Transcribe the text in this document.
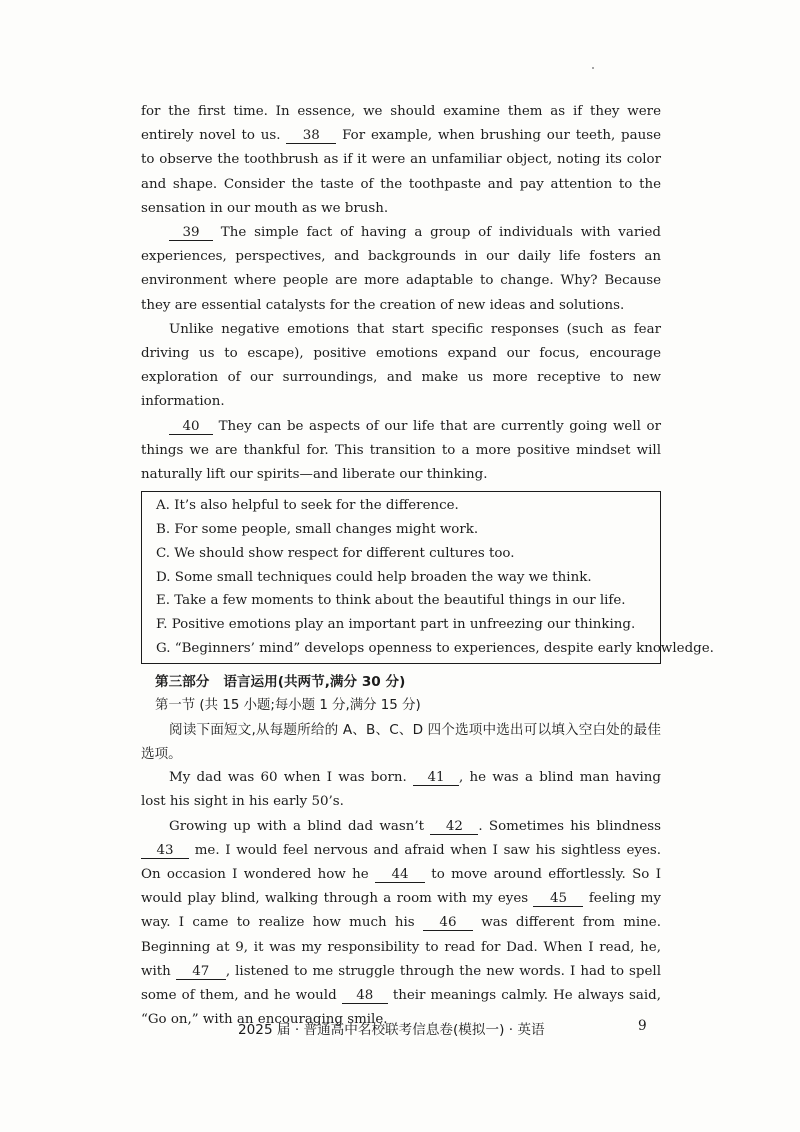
for the first time. In essence, we should examine them as if they were entirely novel to us. 38 For example, when brushing our teeth, pause to observe the toothbrush as if it were an unfamiliar object, noting its color and shape. Consider the taste of the toothpaste and pay attention to the sensation in our mouth as we brush.

39 The simple fact of having a group of individuals with varied experiences, perspectives, and backgrounds in our daily life fosters an environment where people are more adaptable to change. Why? Because they are essential catalysts for the creation of new ideas and solutions.

Unlike negative emotions that start specific responses (such as fear driving us to escape), positive emotions expand our focus, encourage exploration of our surroundings, and make us more receptive to new information.

40 They can be aspects of our life that are currently going well or things we are thankful for. This transition to a more positive mindset will naturally lift our spirits—and liberate our thinking.

A. It’s also helpful to seek for the difference.
B. For some people, small changes might work.
C. We should show respect for different cultures too.
D. Some small techniques could help broaden the way we think.
E. Take a few moments to think about the beautiful things in our life.
F. Positive emotions play an important part in unfreezing our thinking.
G. “Beginners’ mind” develops openness to experiences, despite early knowledge.
第三部分 语言运用(共两节,满分 30 分)
第一节 (共 15 小题;每小题 1 分,满分 15 分)

阅读下面短文,从每题所给的 A、B、C、D 四个选项中选出可以填入空白处的最佳选项。

My dad was 60 when I was born. 41 , he was a blind man having lost his sight in his early 50’s.

Growing up with a blind dad wasn’t 42 . Sometimes his blindness 43 me. I would feel nervous and afraid when I saw his sightless eyes. On occasion I wondered how he 44 to move around effortlessly. So I would play blind, walking through a room with my eyes 45 feeling my way. I came to realize how much his 46 was different from mine. Beginning at 9, it was my responsibility to read for Dad. When I read, he, with 47 , listened to me struggle through the new words. I had to spell some of them, and he would 48 their meanings calmly. He always said, “Go on,” with an encouraging smile.

2025 届 · 普通高中名校联考信息卷(模拟一) · 英语	9
